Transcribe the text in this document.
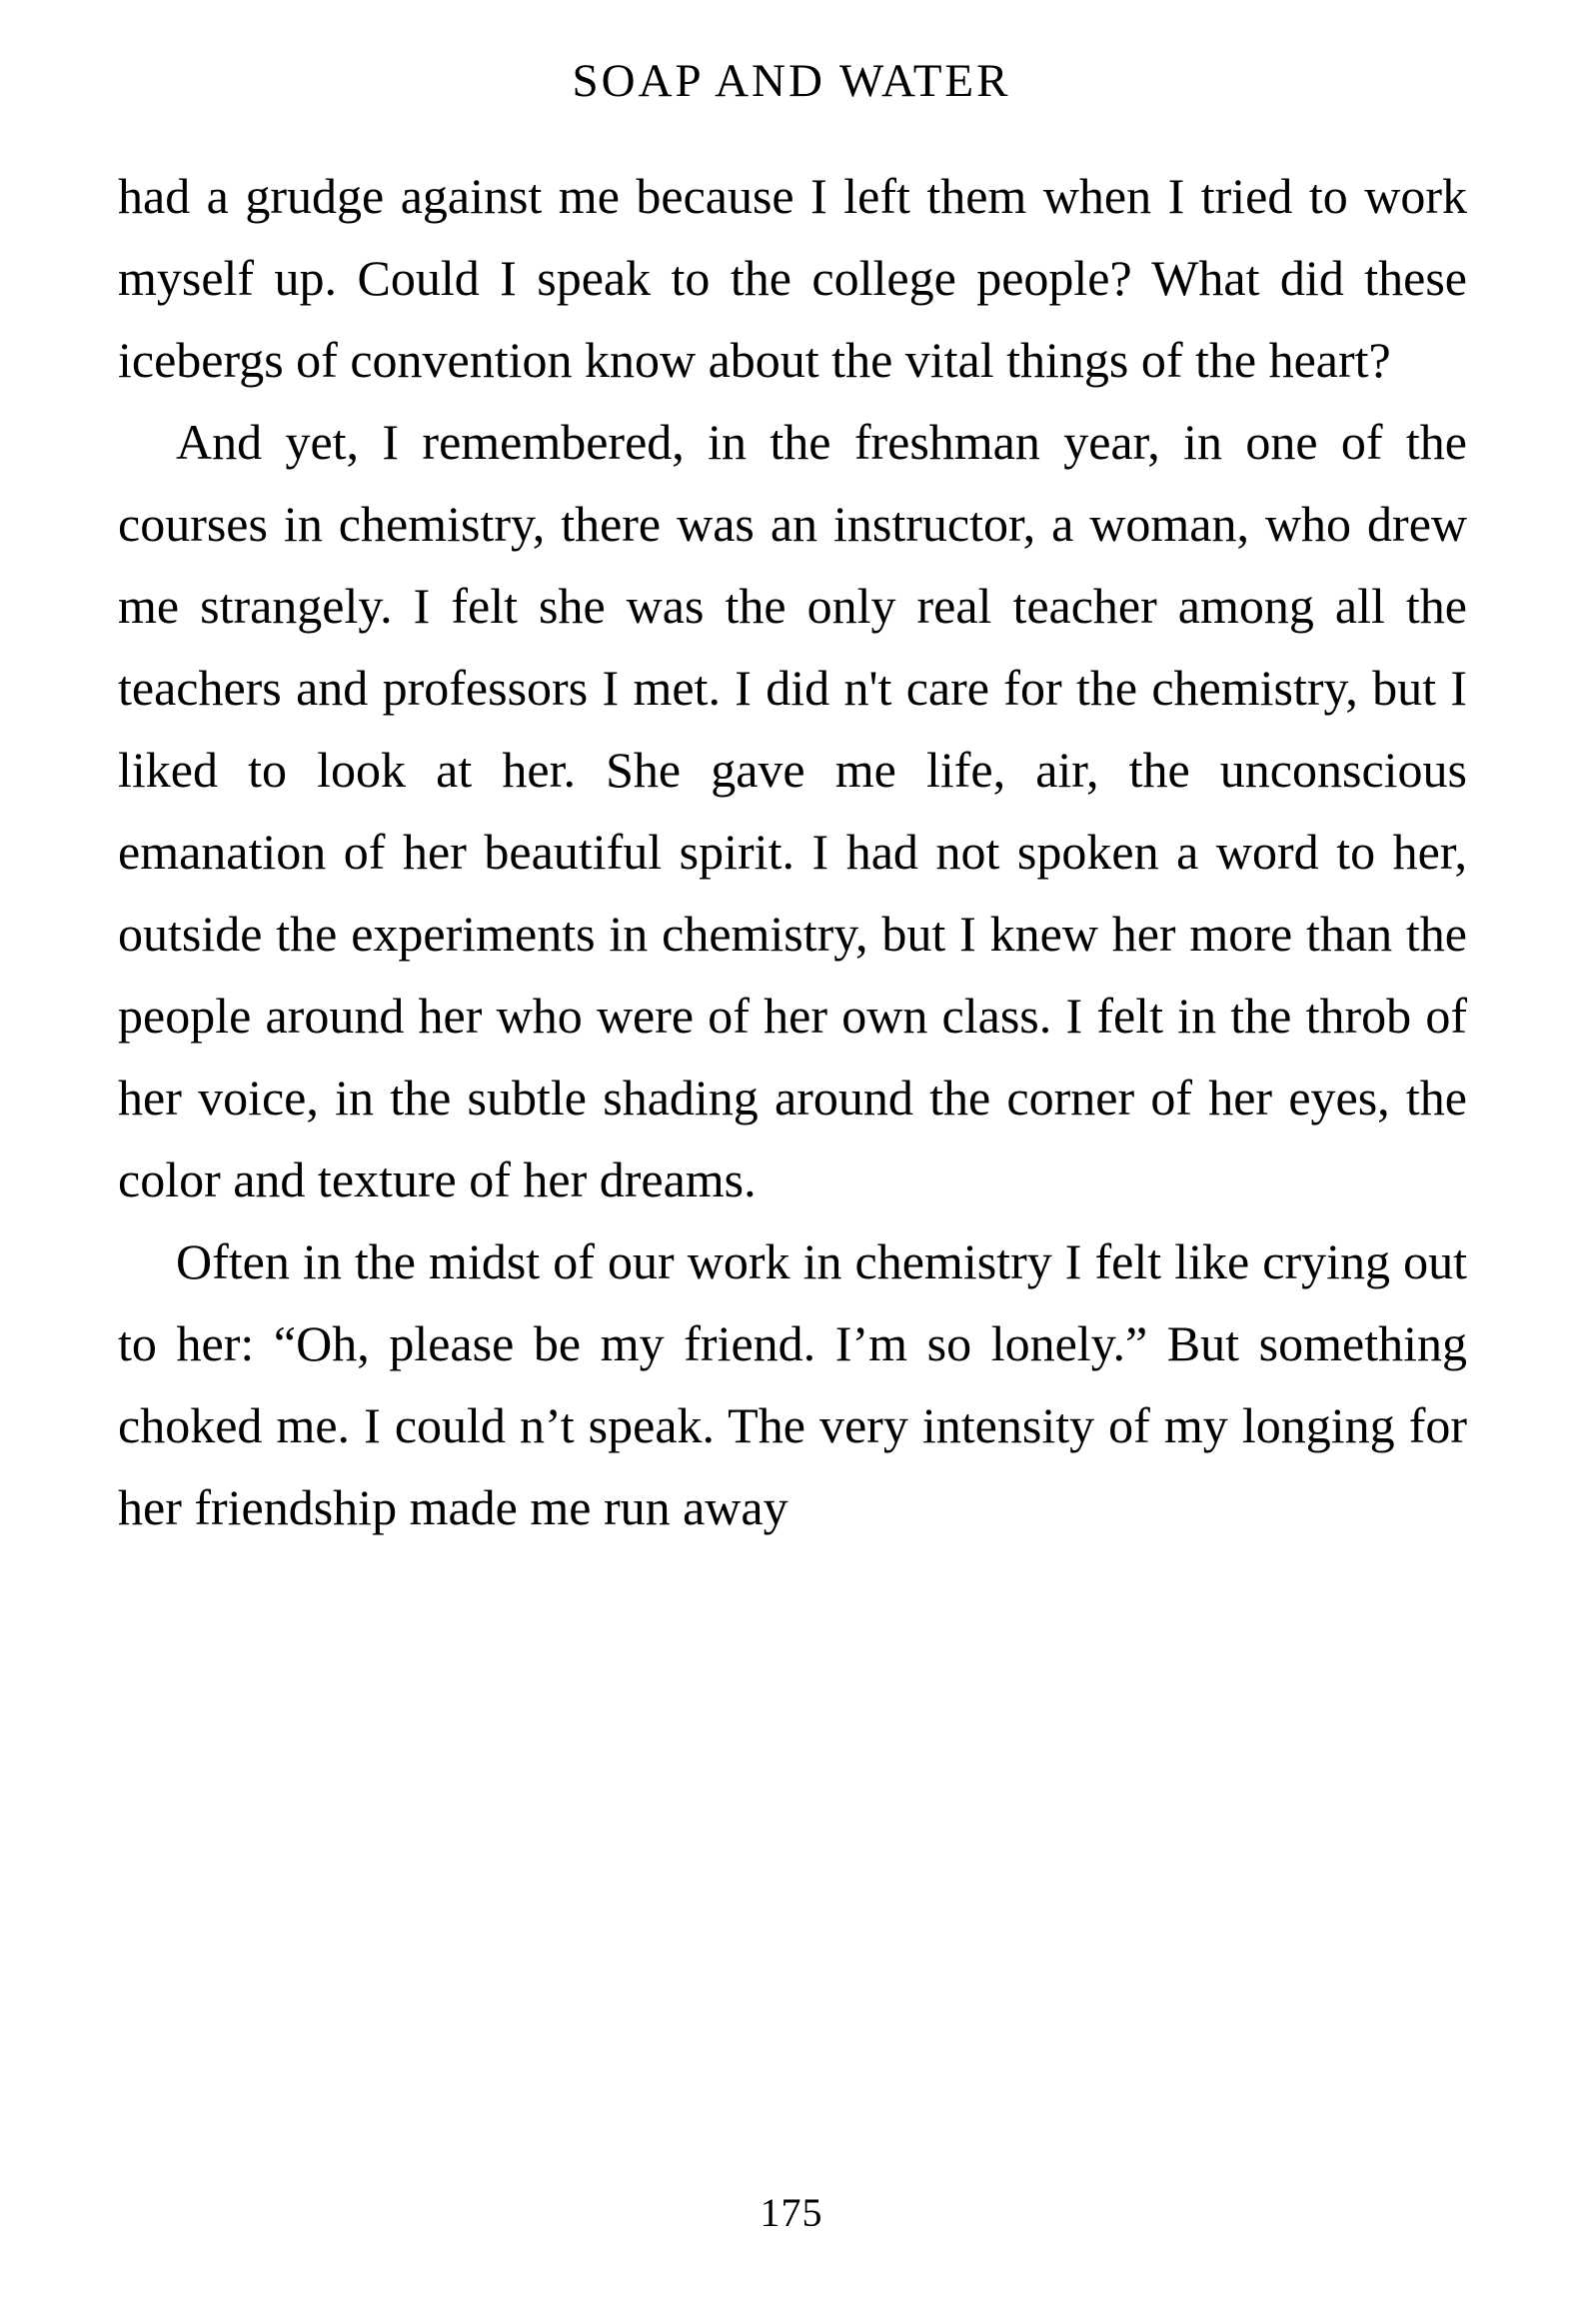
SOAP AND WATER

had a grudge against me because I left them when I tried to work myself up. Could I speak to the college people? What did these icebergs of convention know about the vital things of the heart?

And yet, I remembered, in the freshman year, in one of the courses in chemistry, there was an instructor, a woman, who drew me strangely. I felt she was the only real teacher among all the teachers and professors I met. I did n't care for the chemistry, but I liked to look at her. She gave me life, air, the unconscious emanation of her beautiful spirit. I had not spoken a word to her, outside the experiments in chemistry, but I knew her more than the people around her who were of her own class. I felt in the throb of her voice, in the subtle shading around the corner of her eyes, the color and texture of her dreams.

Often in the midst of our work in chemistry I felt like crying out to her: “Oh, please be my friend. I’m so lonely.” But something choked me. I could n’t speak. The very intensity of my longing for her friendship made me run away

175
